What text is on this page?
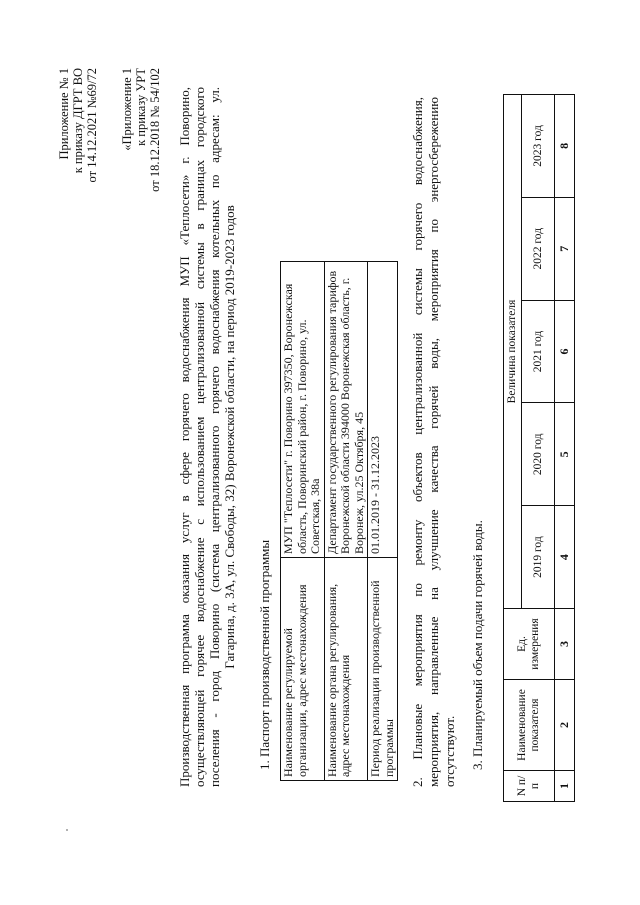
Приложение № 1 к приказу ДГРТ ВО от 14.12.2021 №69/72 «Приложение 1 к приказу УРТ от 18.12.2018 № 54/102 Производственная программа оказания услуг в сфере горячего водоснабжения МУП «Теплосети» г. Поворино, осуществляющей горячее водоснабжение с использованием централизованной системы в границах городского поселения - город Поворино (система централизованного горячего водоснабжения котельных по адресам: ул. Гагарина, д. 3А, ул. Свободы, 32) Воронежской области, на период 2019-2023 годов 1. Паспорт производственной программы Наименование регулируемой организации, адрес местонахождения	МУП "Теплосети" г. Поворино 397350, Воронежская область, Поворинский район, г. Поворино, ул. Советская, 38а
Наименование органа регулирования, адрес местонахождения	Департамент государственного регулирования тарифов Воронежской области 394000 Воронежская область, г. Воронеж, ул.25 Октября, 45
Период реализации производственной программы	01.01.2019 - 31.12.2023 2. Плановые мероприятия по ремонту объектов централизованной системы горячего водоснабжения, мероприятия, направленные на улучшение качества горячей воды, мероприятия по энергосбережению отсутствуют. 3. Планируемый объем подачи горячей воды.
N п/п	Наименование показателя	Ед. измерения	Величина показателя				
			2019 год	2020 год	2021 год	2022 год	2023 год
1	2	3	4	5	6	7	8
